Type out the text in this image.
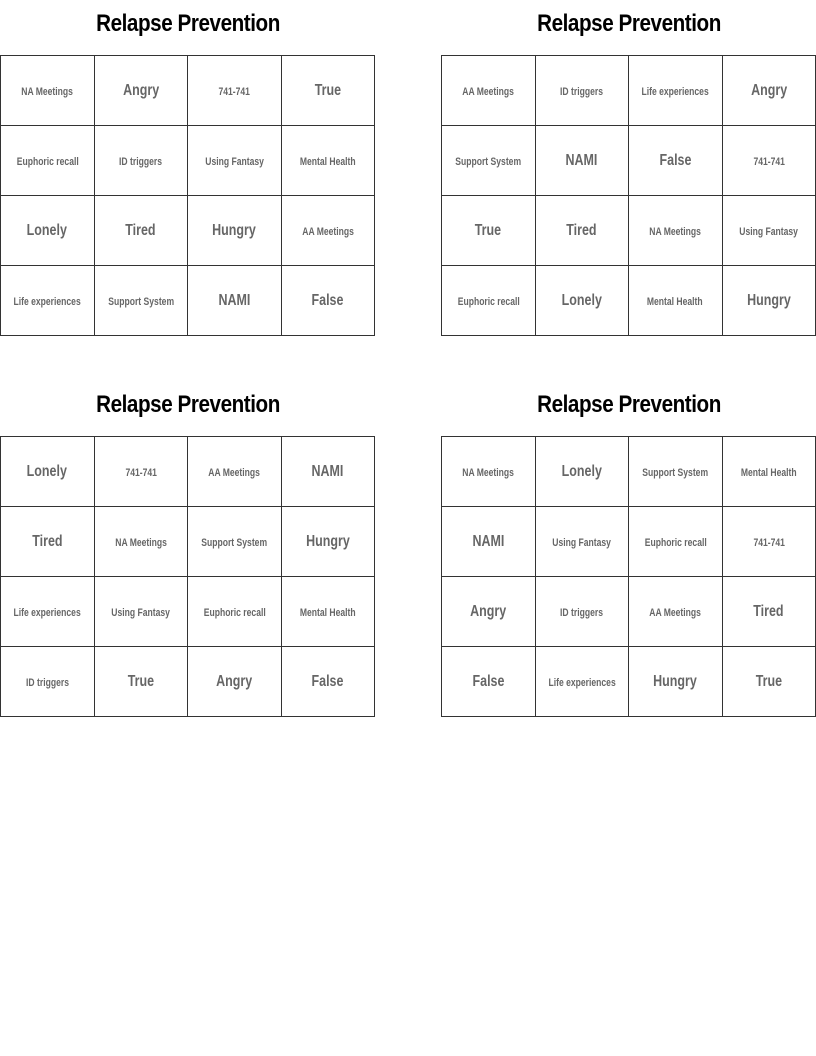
Relapse Prevention
NA Meetings	Angry	741-741	True
Euphoric recall	ID triggers	Using Fantasy	Mental Health
Lonely	Tired	Hungry	AA Meetings
Life experiences	Support System	NAMI	False
Relapse Prevention
AA Meetings	ID triggers	Life experiences	Angry
Support System	NAMI	False	741-741
True	Tired	NA Meetings	Using Fantasy
Euphoric recall	Lonely	Mental Health	Hungry
Relapse Prevention
Lonely	741-741	AA Meetings	NAMI
Tired	NA Meetings	Support System	Hungry
Life experiences	Using Fantasy	Euphoric recall	Mental Health
ID triggers	True	Angry	False
Relapse Prevention
NA Meetings	Lonely	Support System	Mental Health
NAMI	Using Fantasy	Euphoric recall	741-741
Angry	ID triggers	AA Meetings	Tired
False	Life experiences	Hungry	True
